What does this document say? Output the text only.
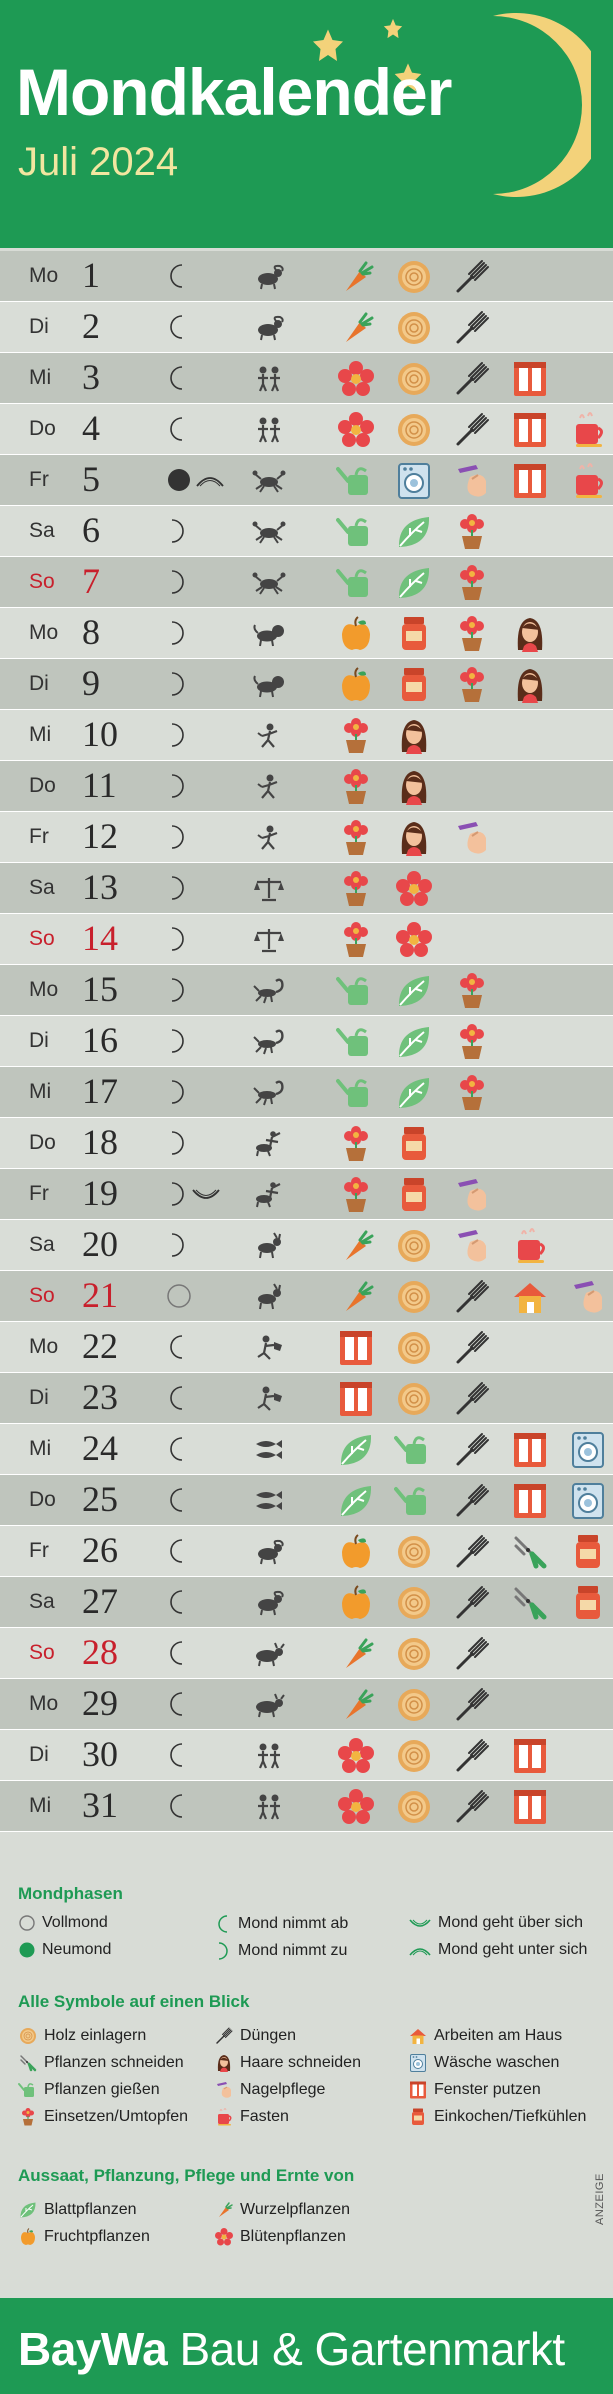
Mondkalender
Juli 2024
Mo 1
Di 2
Mi 3
Do 4
Fr 5
Sa 6
So 7
Mo 8
Di 9
Mi 10
Do 11
Fr 12
Sa 13
So 14
Mo 15
Di 16
Mi 17
Do 18
Fr 19
Sa 20
So 21
Mo 22
Di 23
Mi 24
Do 25
Fr 26
Sa 27
So 28
Mo 29
Di 30
Mi 31
Mondphasen
Alle Symbole auf einen Blick
Aussaat, Pflanzung, Pflege und Ernte von
Vollmond
Neumond
Mond nimmt ab
Mond nimmt zu
Mond geht über sich
Mond geht unter sich
Holz einlagern
Pflanzen schneiden
Pflanzen gießen
Einsetzen/Umtopfen
Düngen
Haare schneiden
Nagelpflege
Fasten
Arbeiten am Haus
Wäsche waschen
Fenster putzen
Einkochen/Tiefkühlen
Blattpflanzen
Fruchtpflanzen
Wurzelpflanzen
Blütenpflanzen
ANZEIGE
BayWa Bau & Gartenmarkt
